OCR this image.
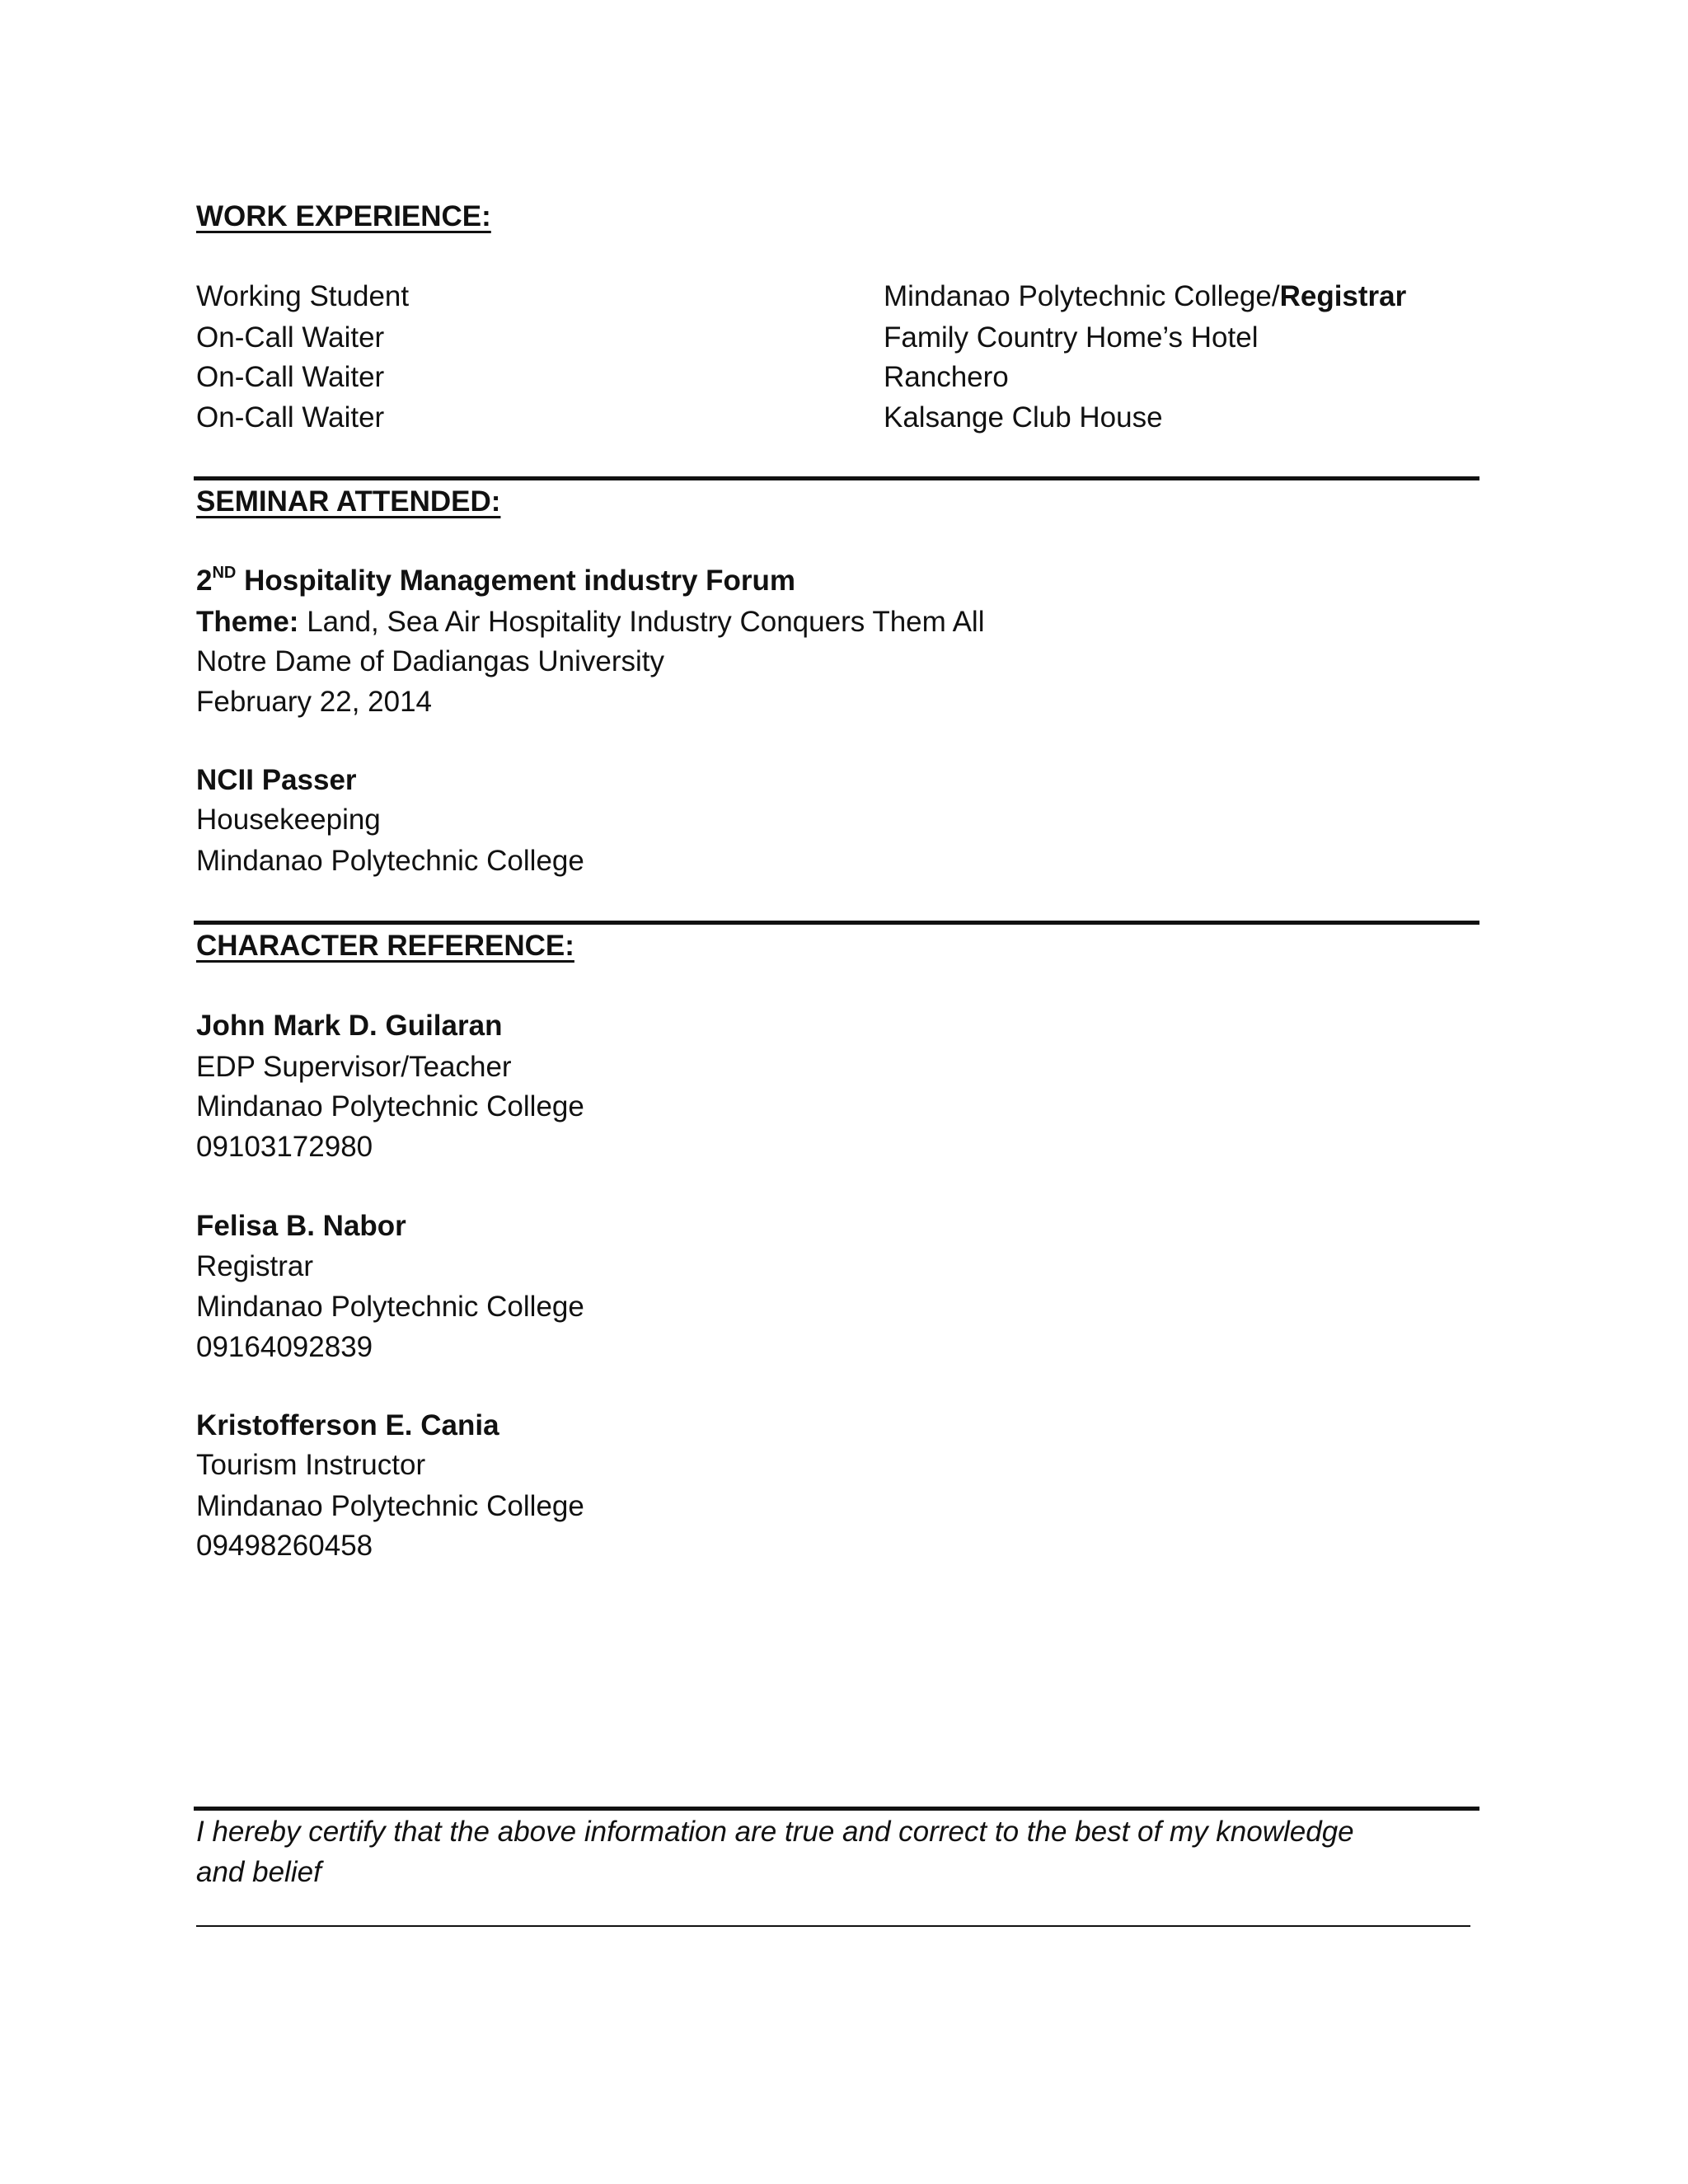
WORK EXPERIENCE:
Working Student	Mindanao Polytechnic College/Registrar
On-Call Waiter	Family Country Home’s Hotel
On-Call Waiter	Ranchero
On-Call Waiter	Kalsange Club House
SEMINAR ATTENDED:
2ND Hospitality Management industry Forum
Theme: Land, Sea Air Hospitality Industry Conquers Them All
Notre Dame of Dadiangas University
February 22, 2014
NCII Passer
Housekeeping
Mindanao Polytechnic College
CHARACTER REFERENCE:
John Mark D. Guilaran
EDP Supervisor/Teacher
Mindanao Polytechnic College
09103172980
Felisa B. Nabor
Registrar
Mindanao Polytechnic College
09164092839
Kristofferson E. Cania
Tourism Instructor
Mindanao Polytechnic College
09498260458
I hereby certify that the above information are true and correct to the best of my knowledge
and belief
